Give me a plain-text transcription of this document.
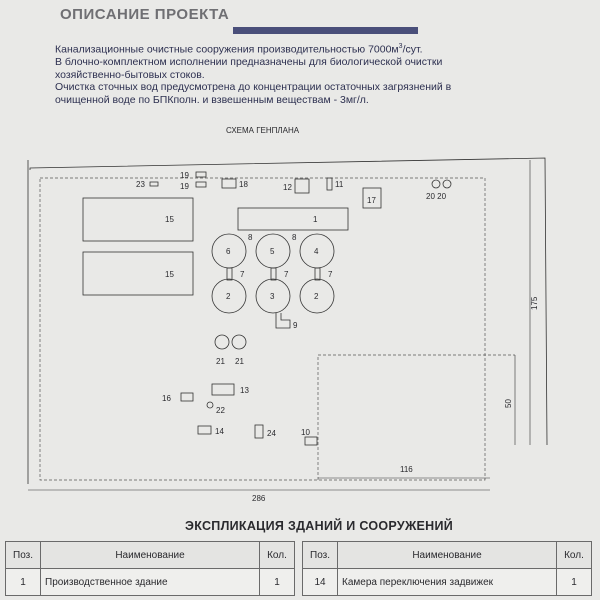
ОПИСАНИЕ ПРОЕКТА

Канализационные очистные сооружения производительностью $7000м^3$/сут.

В блочно-комплектном исполнении предназначены для биологической очистки

хозяйственно-бытовых стоков.

Очистка сточных вод предусмотрена до концентрации остаточных загрязнений в

очищенной воде по БПКполн. и взвешенным веществам - 3мг/л.

СХЕМА ГЕНПЛАНА
286
175
116
50
15
15
23
19
19	18	12	11
17	20 20
1
6
8
5
8
4
7	7	7
2	3	2
9
21 21
13
16
22
14	24	10
ЭКСПЛИКАЦИЯ ЗДАНИЙ И СООРУЖЕНИЙ
Поз.	Наименование	Кол.
1	Производственное здание	1
Поз.	Наименование	Кол.
14	Камера переключения задвижек	1
